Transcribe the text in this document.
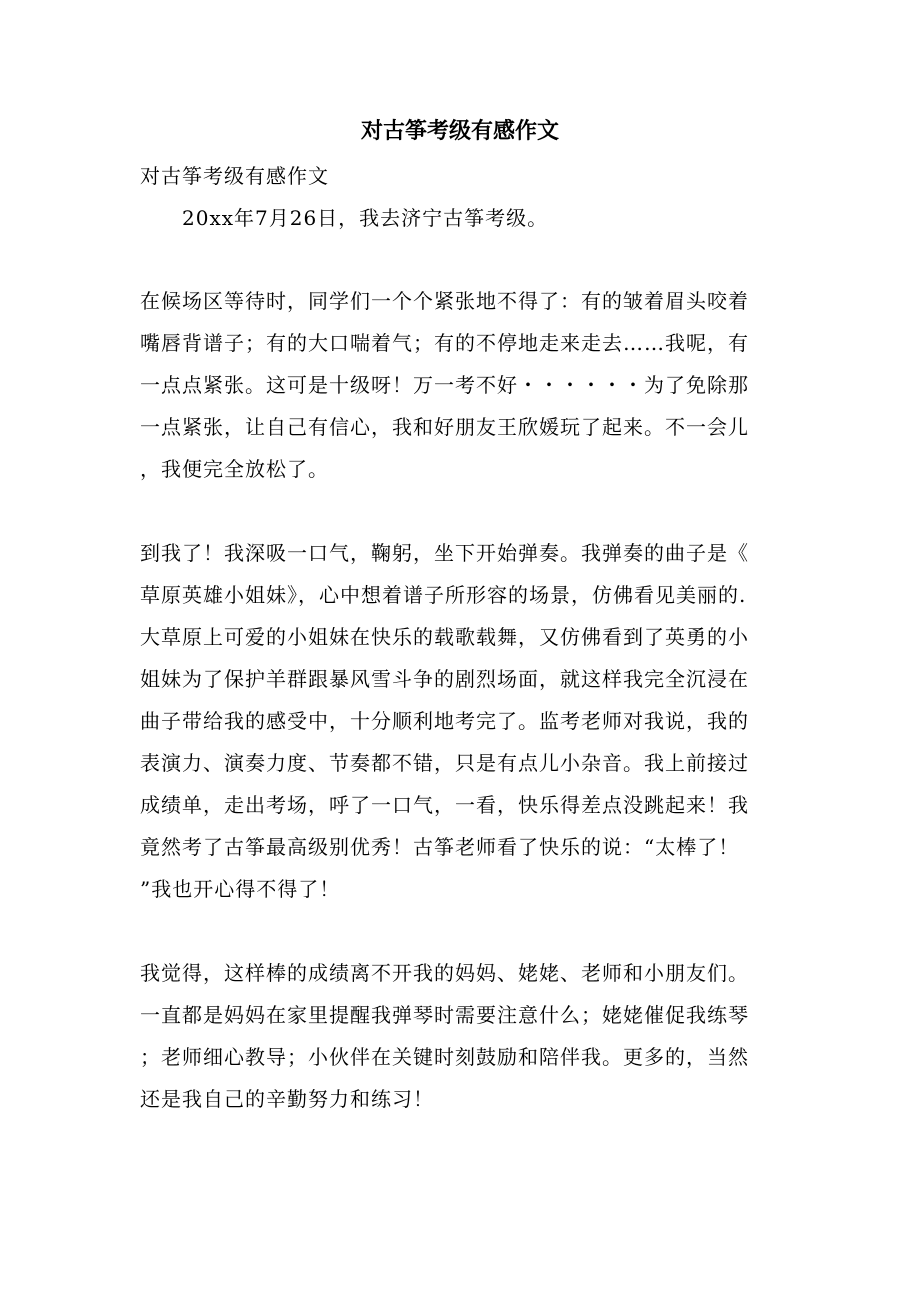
对古筝考级有感作文
对古筝考级有感作文
20xx年7月26日，我去济宁古筝考级。
在候场区等待时，同学们一个个紧张地不得了：有的皱着眉头咬着
嘴唇背谱子；有的大口喘着气；有的不停地走来走去……我呢，有
一点点紧张。这可是十级呀！万一考不好・・・・・・为了免除那
一点紧张，让自己有信心，我和好朋友王欣媛玩了起来。不一会儿
，我便完全放松了。
到我了！我深吸一口气，鞠躬，坐下开始弹奏。我弹奏的曲子是《
草原英雄小姐妹》，心中想着谱子所形容的场景，仿佛看见美丽的.
大草原上可爱的小姐妹在快乐的载歌载舞，又仿佛看到了英勇的小
姐妹为了保护羊群跟暴风雪斗争的剧烈场面，就这样我完全沉浸在
曲子带给我的感受中，十分顺利地考完了。监考老师对我说，我的
表演力、演奏力度、节奏都不错，只是有点儿小杂音。我上前接过
成绩单，走出考场，呼了一口气，一看，快乐得差点没跳起来！我
竟然考了古筝最高级别优秀！古筝老师看了快乐的说：“太棒了！
”我也开心得不得了！
我觉得，这样棒的成绩离不开我的妈妈、姥姥、老师和小朋友们。
一直都是妈妈在家里提醒我弹琴时需要注意什么；姥姥催促我练琴
；老师细心教导；小伙伴在关键时刻鼓励和陪伴我。更多的，当然
还是我自己的辛勤努力和练习！
